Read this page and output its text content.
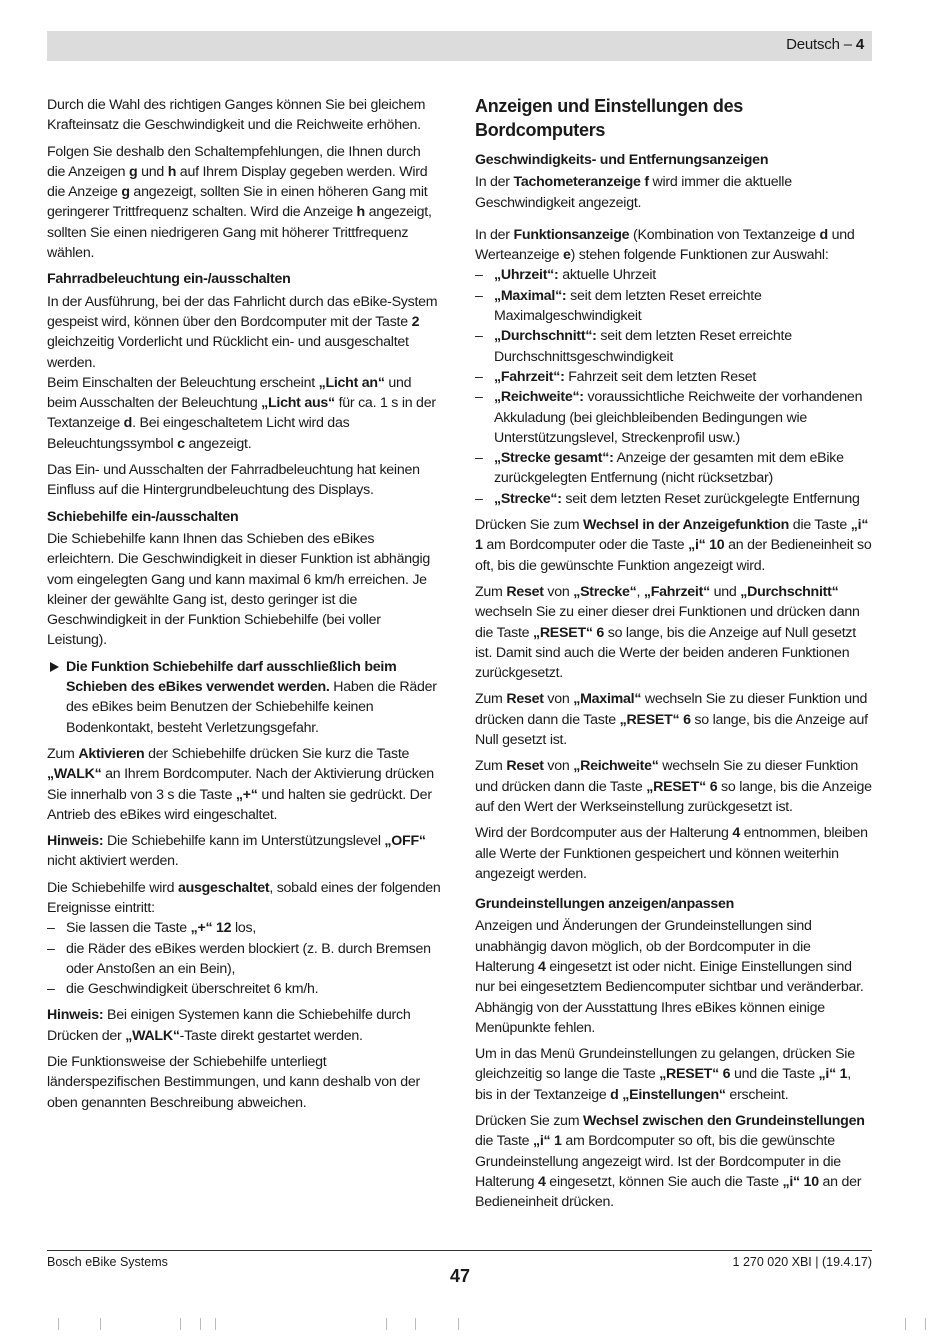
Deutsch – 4

Durch die Wahl des richtigen Ganges können Sie bei gleichem Krafteinsatz die Geschwindigkeit und die Reichweite erhöhen.

Folgen Sie deshalb den Schaltempfehlungen, die Ihnen durch die Anzeigen g und h auf Ihrem Display gegeben werden. Wird die Anzeige g angezeigt, sollten Sie in einen höheren Gang mit geringerer Trittfrequenz schalten. Wird die Anzeige h angezeigt, sollten Sie einen niedrigeren Gang mit höherer Trittfrequenz wählen.

Fahrradbeleuchtung ein-/ausschalten

In der Ausführung, bei der das Fahrlicht durch das eBike-System gespeist wird, können über den Bordcomputer mit der Taste 2 gleichzeitig Vorderlicht und Rücklicht ein- und ausgeschaltet werden.

Beim Einschalten der Beleuchtung erscheint „Licht an“ und beim Ausschalten der Beleuchtung „Licht aus“ für ca. 1 s in der Textanzeige d. Bei eingeschaltetem Licht wird das Beleuchtungssymbol c angezeigt.

Das Ein- und Ausschalten der Fahrradbeleuchtung hat keinen Einfluss auf die Hintergrundbeleuchtung des Displays.

Schiebehilfe ein-/ausschalten

Die Schiebehilfe kann Ihnen das Schieben des eBikes erleichtern. Die Geschwindigkeit in dieser Funktion ist abhängig vom eingelegten Gang und kann maximal 6 km/h erreichen. Je kleiner der gewählte Gang ist, desto geringer ist die Geschwindigkeit in der Funktion Schiebehilfe (bei voller Leistung).

Die Funktion Schiebehilfe darf ausschließlich beim Schieben des eBikes verwendet werden. Haben die Räder des eBikes beim Benutzen der Schiebehilfe keinen Bodenkontakt, besteht Verletzungsgefahr.

Zum Aktivieren der Schiebehilfe drücken Sie kurz die Taste „WALK“ an Ihrem Bordcomputer. Nach der Aktivierung drücken Sie innerhalb von 3 s die Taste „+“ und halten sie gedrückt. Der Antrieb des eBikes wird eingeschaltet.

Hinweis: Die Schiebehilfe kann im Unterstützungslevel „OFF“ nicht aktiviert werden.

Die Schiebehilfe wird ausgeschaltet, sobald eines der folgenden Ereignisse eintritt:

– Sie lassen die Taste „+“ 12 los,
– die Räder des eBikes werden blockiert (z. B. durch Bremsen oder Anstoßen an ein Bein),
– die Geschwindigkeit überschreitet 6 km/h.

Hinweis: Bei einigen Systemen kann die Schiebehilfe durch Drücken der „WALK“-Taste direkt gestartet werden.

Die Funktionsweise der Schiebehilfe unterliegt länderspezifischen Bestimmungen, und kann deshalb von der oben genannten Beschreibung abweichen.

Anzeigen und Einstellungen des Bordcomputers
Geschwindigkeits- und Entfernungsanzeigen

In der Tachometeranzeige f wird immer die aktuelle Geschwindigkeit angezeigt.

In der Funktionsanzeige (Kombination von Textanzeige d und Werteanzeige e) stehen folgende Funktionen zur Auswahl:

– „Uhrzeit“: aktuelle Uhrzeit
– „Maximal“: seit dem letzten Reset erreichte Maximalgeschwindigkeit
– „Durchschnitt“: seit dem letzten Reset erreichte Durchschnittsgeschwindigkeit
– „Fahrzeit“: Fahrzeit seit dem letzten Reset
– „Reichweite“: voraussichtliche Reichweite der vorhandenen Akkuladung (bei gleichbleibenden Bedingungen wie Unterstützungslevel, Streckenprofil usw.)
– „Strecke gesamt“: Anzeige der gesamten mit dem eBike zurückgelegten Entfernung (nicht rücksetzbar)
– „Strecke“: seit dem letzten Reset zurückgelegte Entfernung

Drücken Sie zum Wechsel in der Anzeigefunktion die Taste „i“ 1 am Bordcomputer oder die Taste „i“ 10 an der Bedieneinheit so oft, bis die gewünschte Funktion angezeigt wird.

Zum Reset von „Strecke“, „Fahrzeit“ und „Durchschnitt“ wechseln Sie zu einer dieser drei Funktionen und drücken dann die Taste „RESET“ 6 so lange, bis die Anzeige auf Null gesetzt ist. Damit sind auch die Werte der beiden anderen Funktionen zurückgesetzt.

Zum Reset von „Maximal“ wechseln Sie zu dieser Funktion und drücken dann die Taste „RESET“ 6 so lange, bis die Anzeige auf Null gesetzt ist.

Zum Reset von „Reichweite“ wechseln Sie zu dieser Funktion und drücken dann die Taste „RESET“ 6 so lange, bis die Anzeige auf den Wert der Werkseinstellung zurückgesetzt ist.

Wird der Bordcomputer aus der Halterung 4 entnommen, bleiben alle Werte der Funktionen gespeichert und können weiterhin angezeigt werden.

Grundeinstellungen anzeigen/anpassen

Anzeigen und Änderungen der Grundeinstellungen sind unabhängig davon möglich, ob der Bordcomputer in die Halterung 4 eingesetzt ist oder nicht. Einige Einstellungen sind nur bei eingesetztem Bediencomputer sichtbar und veränderbar. Abhängig von der Ausstattung Ihres eBikes können einige Menüpunkte fehlen.

Um in das Menü Grundeinstellungen zu gelangen, drücken Sie gleichzeitig so lange die Taste „RESET“ 6 und die Taste „i“ 1, bis in der Textanzeige d „Einstellungen“ erscheint.

Drücken Sie zum Wechsel zwischen den Grundeinstellungen die Taste „i“ 1 am Bordcomputer so oft, bis die gewünschte Grundeinstellung angezeigt wird. Ist der Bordcomputer in die Halterung 4 eingesetzt, können Sie auch die Taste „i“ 10 an der Bedieneinheit drücken.

Bosch eBike Systems	1 270 020 XBI | (19.4.17)
47
